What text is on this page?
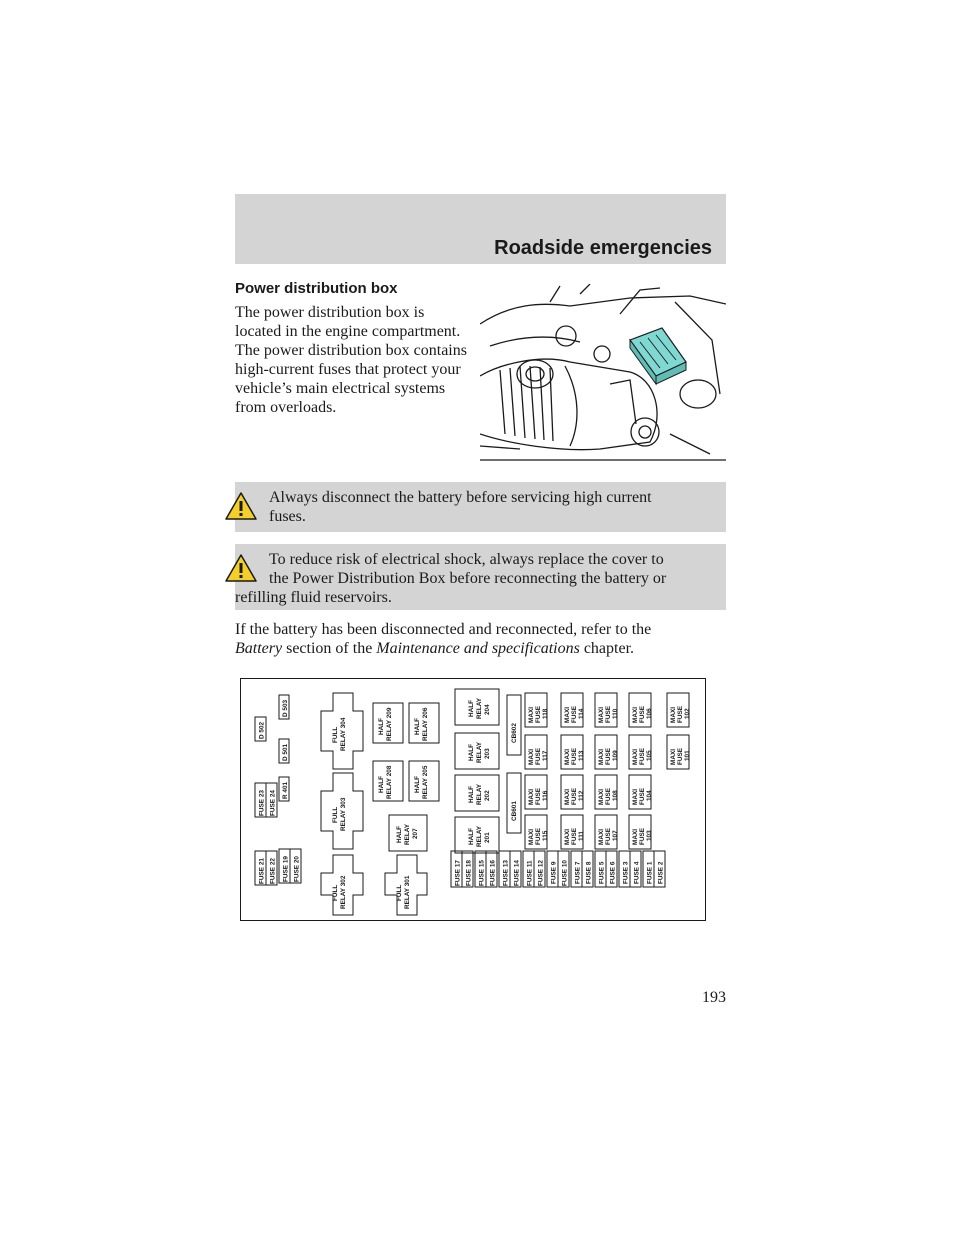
Roadside emergencies
Power distribution box
The power distribution box is
located in the engine compartment.
The power distribution box contains
high-current fuses that protect your
vehicle’s main electrical systems
from overloads.
Always disconnect the battery before servicing high current
fuses.
To reduce risk of electrical shock, always replace the cover to
the Power Distribution Box before reconnecting the battery or
refilling fluid reservoirs.
If the battery has been disconnected and reconnected, refer to the
Battery section of the Maintenance and specifications chapter.
FUSE 21 FUSE 22 FUSE 19 FUSE 20
FUSE 23 FUSE 24
D 502
D 503
D 501
R 401
FULL RELAY 304
FULL RELAY 303
FULL RELAY 302	FULL RELAY 301
HALF RELAY 209	HALF RELAY 206
HALF RELAY 208	HALF RELAY 205
HALF RELAY 207
HALF RELAY 204
HALF RELAY 203
HALF RELAY 202
HALF RELAY 201
CB602
CB601
FUSE 17 FUSE 18 FUSE 15 FUSE 16 FUSE 13 FUSE 14 FUSE 11 FUSE 12 FUSE 9 FUSE 10 FUSE 7 FUSE 8 FUSE 5 FUSE 6 FUSE 3 FUSE 4 FUSE 1 FUSE 2
MAXI FUSE 118 MAXI FUSE 114 MAXI FUSE 110 MAXI FUSE 106	MAXI FUSE 102
MAXI FUSE 117 MAXI FUSE 113 MAXI FUSE 109 MAXI FUSE 105	MAXI FUSE 101
MAXI FUSE 116 MAXI FUSE 112 MAXI FUSE 108 MAXI FUSE 104
MAXI FUSE 115 MAXI FUSE 111 MAXI FUSE 107 MAXI FUSE 103
193
